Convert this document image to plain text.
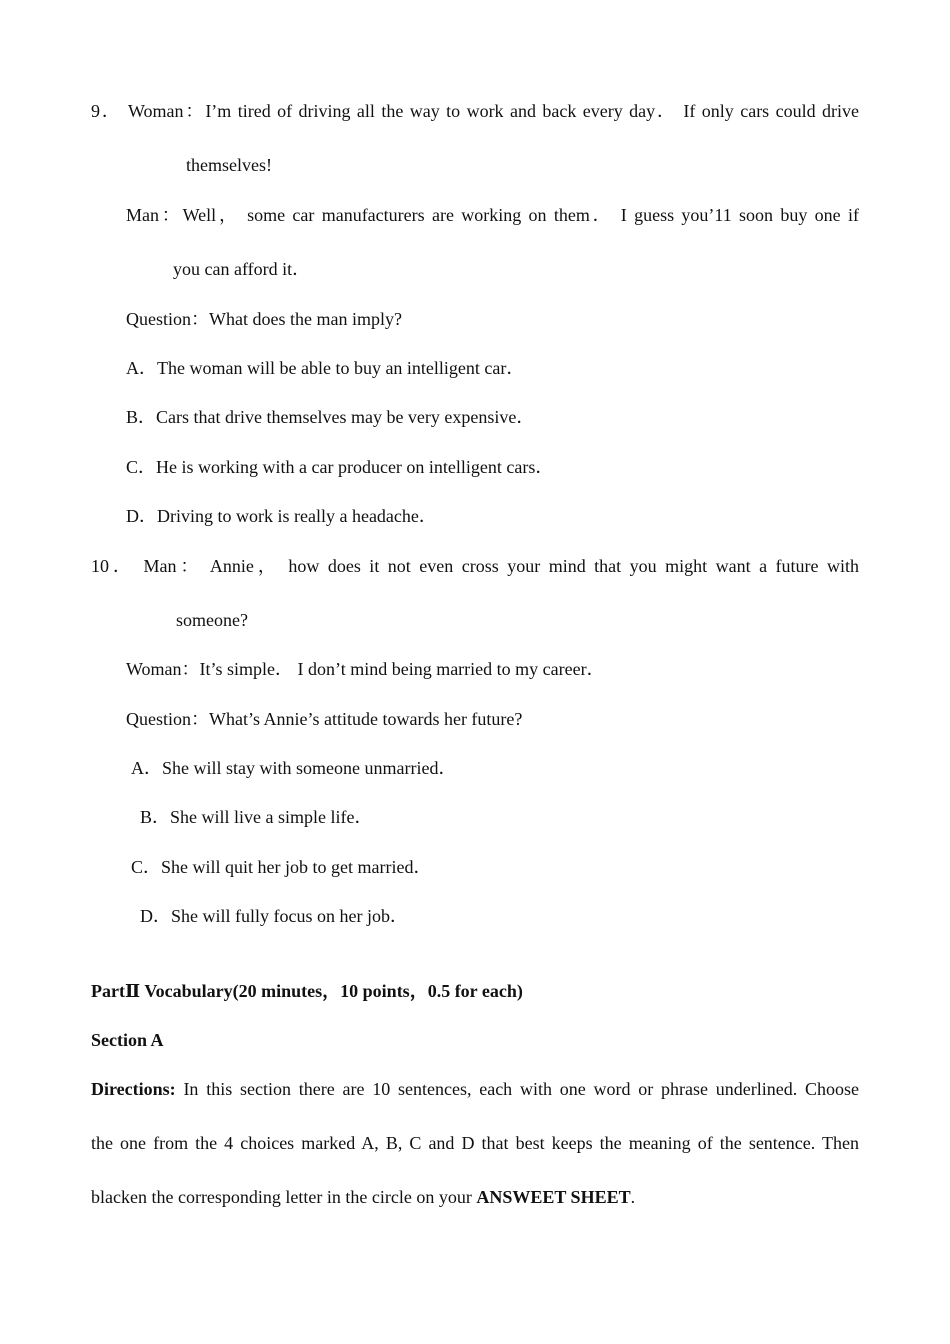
9． Woman：I’m tired of driving all the way to work and back every day． If only cars could drive
themselves!
Man：Well， some car manufacturers are working on them． I guess you’11 soon buy one if
you can afford it．
Question：What does the man imply?
A．The woman will be able to buy an intelligent car．
B．Cars that drive themselves may be very expensive．
C．He is working with a car producer on intelligent cars．
D．Driving to work is really a headache．
10． Man： Annie， how does it not even cross your mind that you might want a future with
someone?
Woman：It’s simple． I don’t mind being married to my career．
Question：What’s Annie’s attitude towards her future?
A．She will stay with someone unmarried．
B．She will live a simple life．
C．She will quit her job to get married．
D．She will fully focus on her job．
PartⅡ Vocabulary(20 minutes，10 points，0.5 for each)
Section A
Directions: In this section there are 10 sentences, each with one word or phrase underlined. Choose
the one from the 4 choices marked A, B, C and D that best keeps the meaning of the sentence. Then
blacken the corresponding letter in the circle on your ANSWEET SHEET.
